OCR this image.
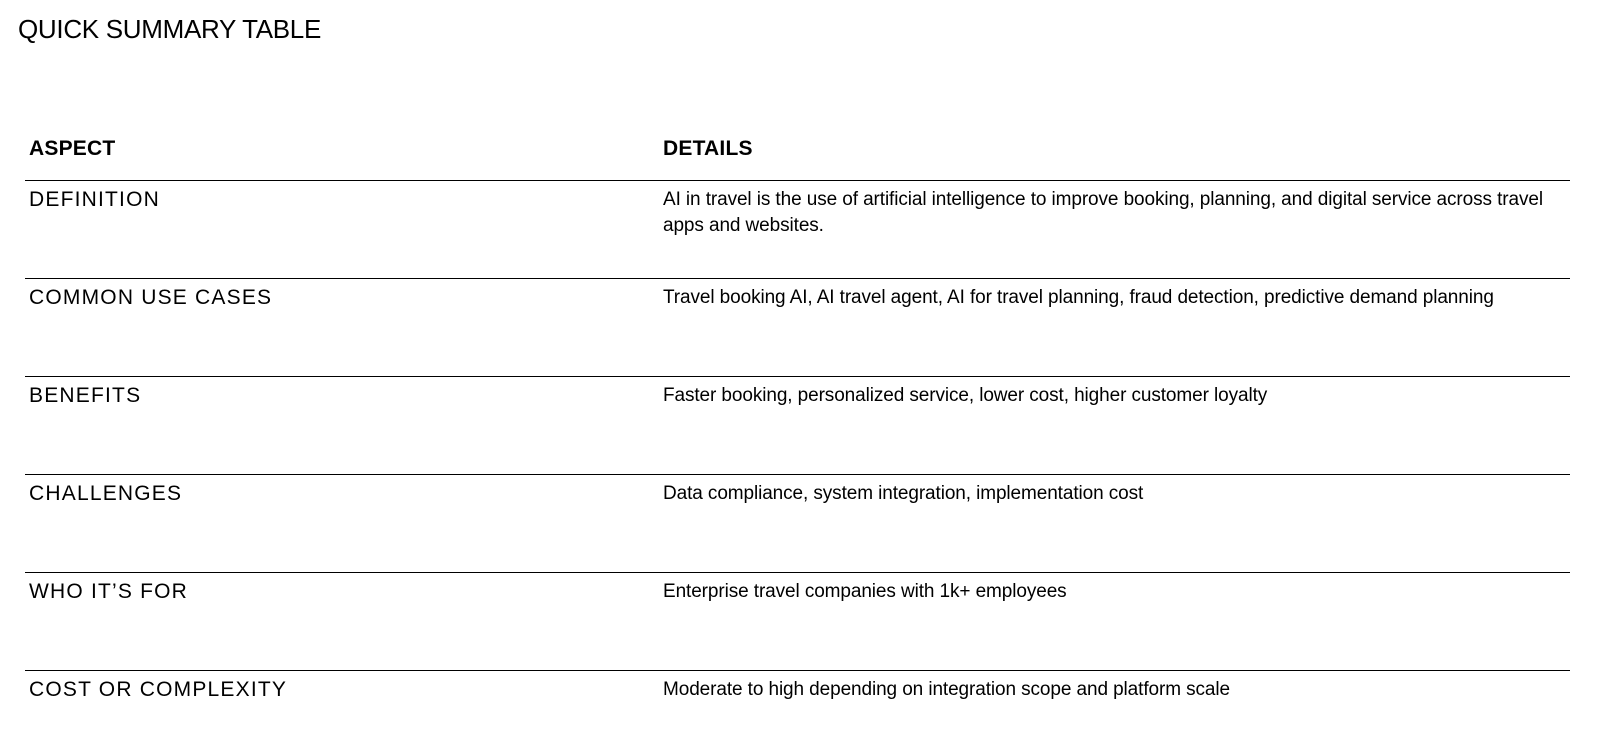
QUICK SUMMARY TABLE
ASPECT	DETAILS
DEFINITION	AI in travel is the use of artificial intelligence to improve booking, planning, and digital service across travel apps and websites.
COMMON USE CASES	Travel booking AI, AI travel agent, AI for travel planning, fraud detection, predictive demand planning
BENEFITS	Faster booking, personalized service, lower cost, higher customer loyalty
CHALLENGES	Data compliance, system integration, implementation cost
WHO IT’S FOR	Enterprise travel companies with 1k+ employees
COST OR COMPLEXITY	Moderate to high depending on integration scope and platform scale
